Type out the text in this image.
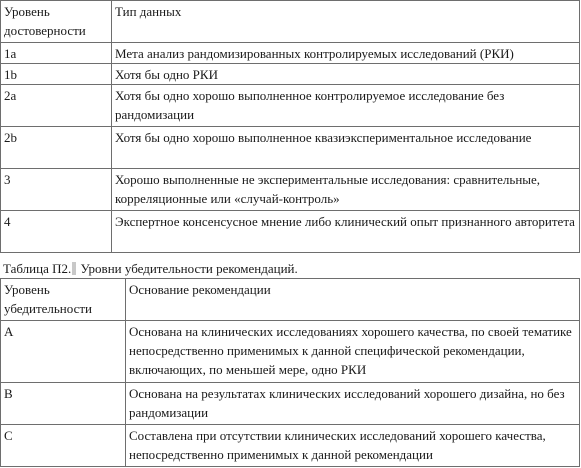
Уровень достоверности	Тип данных
1a	Мета анализ рандомизированных контролируемых исследований (РКИ)
1b	Хотя бы одно РКИ
2a	Хотя бы одно хорошо выполненное контролируемое исследование без рандомизации
2b	Хотя бы одно хорошо выполненное квазиэкспериментальное исследование
3	Хорошо выполненные не экспериментальные исследования: сравнительные, корреляционные или «случай-контроль»
4	Экспертное консенсусное мнение либо клинический опыт признанного авторитета
Таблица П2. Уровни убедительности рекомендаций.
Уровень убедительности	Основание рекомендации
A	Основана на клинических исследованиях хорошего качества, по своей тематике непосредственно применимых к данной специфической рекомендации, включающих, по меньшей мере, одно РКИ
B	Основана на результатах клинических исследований хорошего дизайна, но без рандомизации
C	Составлена при отсутствии клинических исследований хорошего качества, непосредственно применимых к данной рекомендации
